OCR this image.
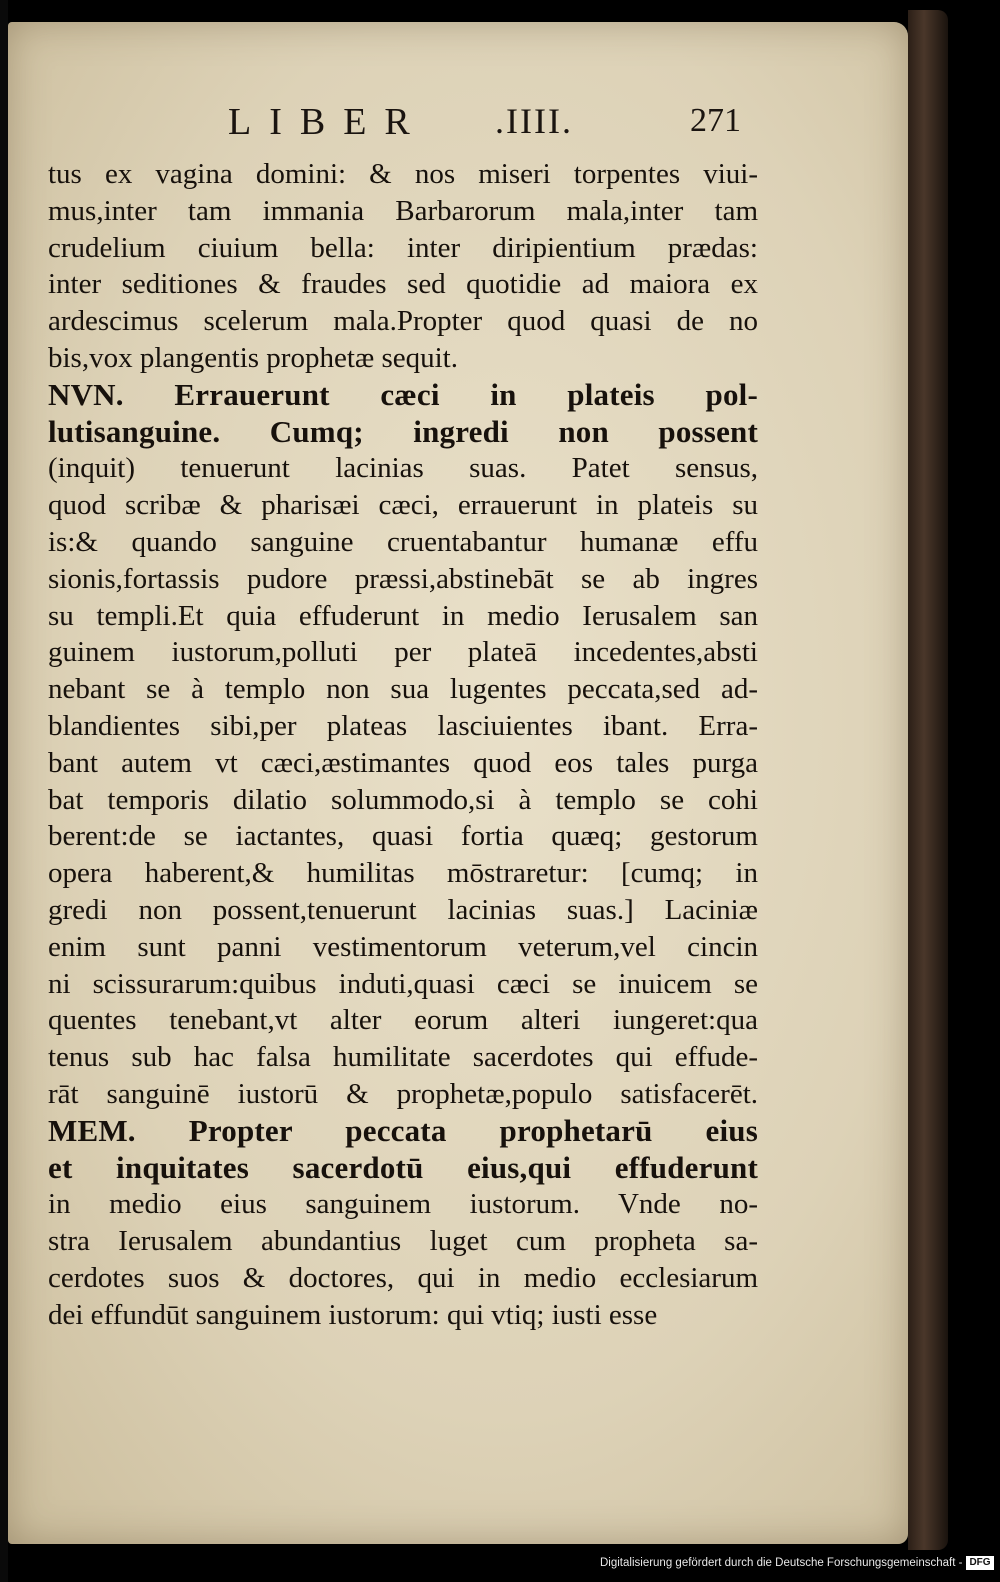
LIBER .IIII.	271
tus ex vagina domini: & nos miseri torpentes viui-
mus,inter tam immania Barbarorum mala,inter tam
crudelium ciuium bella: inter diripientium prædas:
inter seditiones & fraudes sed quotidie ad maiora ex
ardescimus scelerum mala.Propter quod quasi de no
bis,vox plangentis prophetæ sequit.
NVN. Errauerunt cæci in plateis pol-
lutisanguine. Cumq; ingredi non possent
(inquit) tenuerunt lacinias suas. Patet sensus,
quod scribæ & pharisæi cæci, errauerunt in plateis su
is:& quando sanguine cruentabantur humanæ effu
sionis,fortassis pudore præssi,abstinebāt se ab ingres
su templi.Et quia effuderunt in medio Ierusalem san
guinem iustorum,polluti per plateā incedentes,absti
nebant se à templo non sua lugentes peccata,sed ad-
blandientes sibi,per plateas lasciuientes ibant. Erra-
bant autem vt cæci,æstimantes quod eos tales purga
bat temporis dilatio solummodo,si à templo se cohi
berent:de se iactantes, quasi fortia quæq; gestorum
opera haberent,& humilitas mōstraretur: [cumq; in
gredi non possent,tenuerunt lacinias suas.] Laciniæ
enim sunt panni vestimentorum veterum,vel cincin
ni scissurarum:quibus induti,quasi cæci se inuicem se
quentes tenebant,vt alter eorum alteri iungeret:qua
tenus sub hac falsa humilitate sacerdotes qui effude-
rāt sanguinē iustorū & prophetæ,populo satisfacerēt.
MEM. Propter peccata prophetarū eius
et inquitates sacerdotū eius,qui effuderunt
in medio eius sanguinem iustorum. Vnde no-
stra Ierusalem abundantius luget cum propheta sa-
cerdotes suos & doctores, qui in medio ecclesiarum
dei effundūt sanguinem iustorum: qui vtiq; iusti esse
Digitalisierung gefördert durch die Deutsche Forschungsgemeinschaft - DFG
